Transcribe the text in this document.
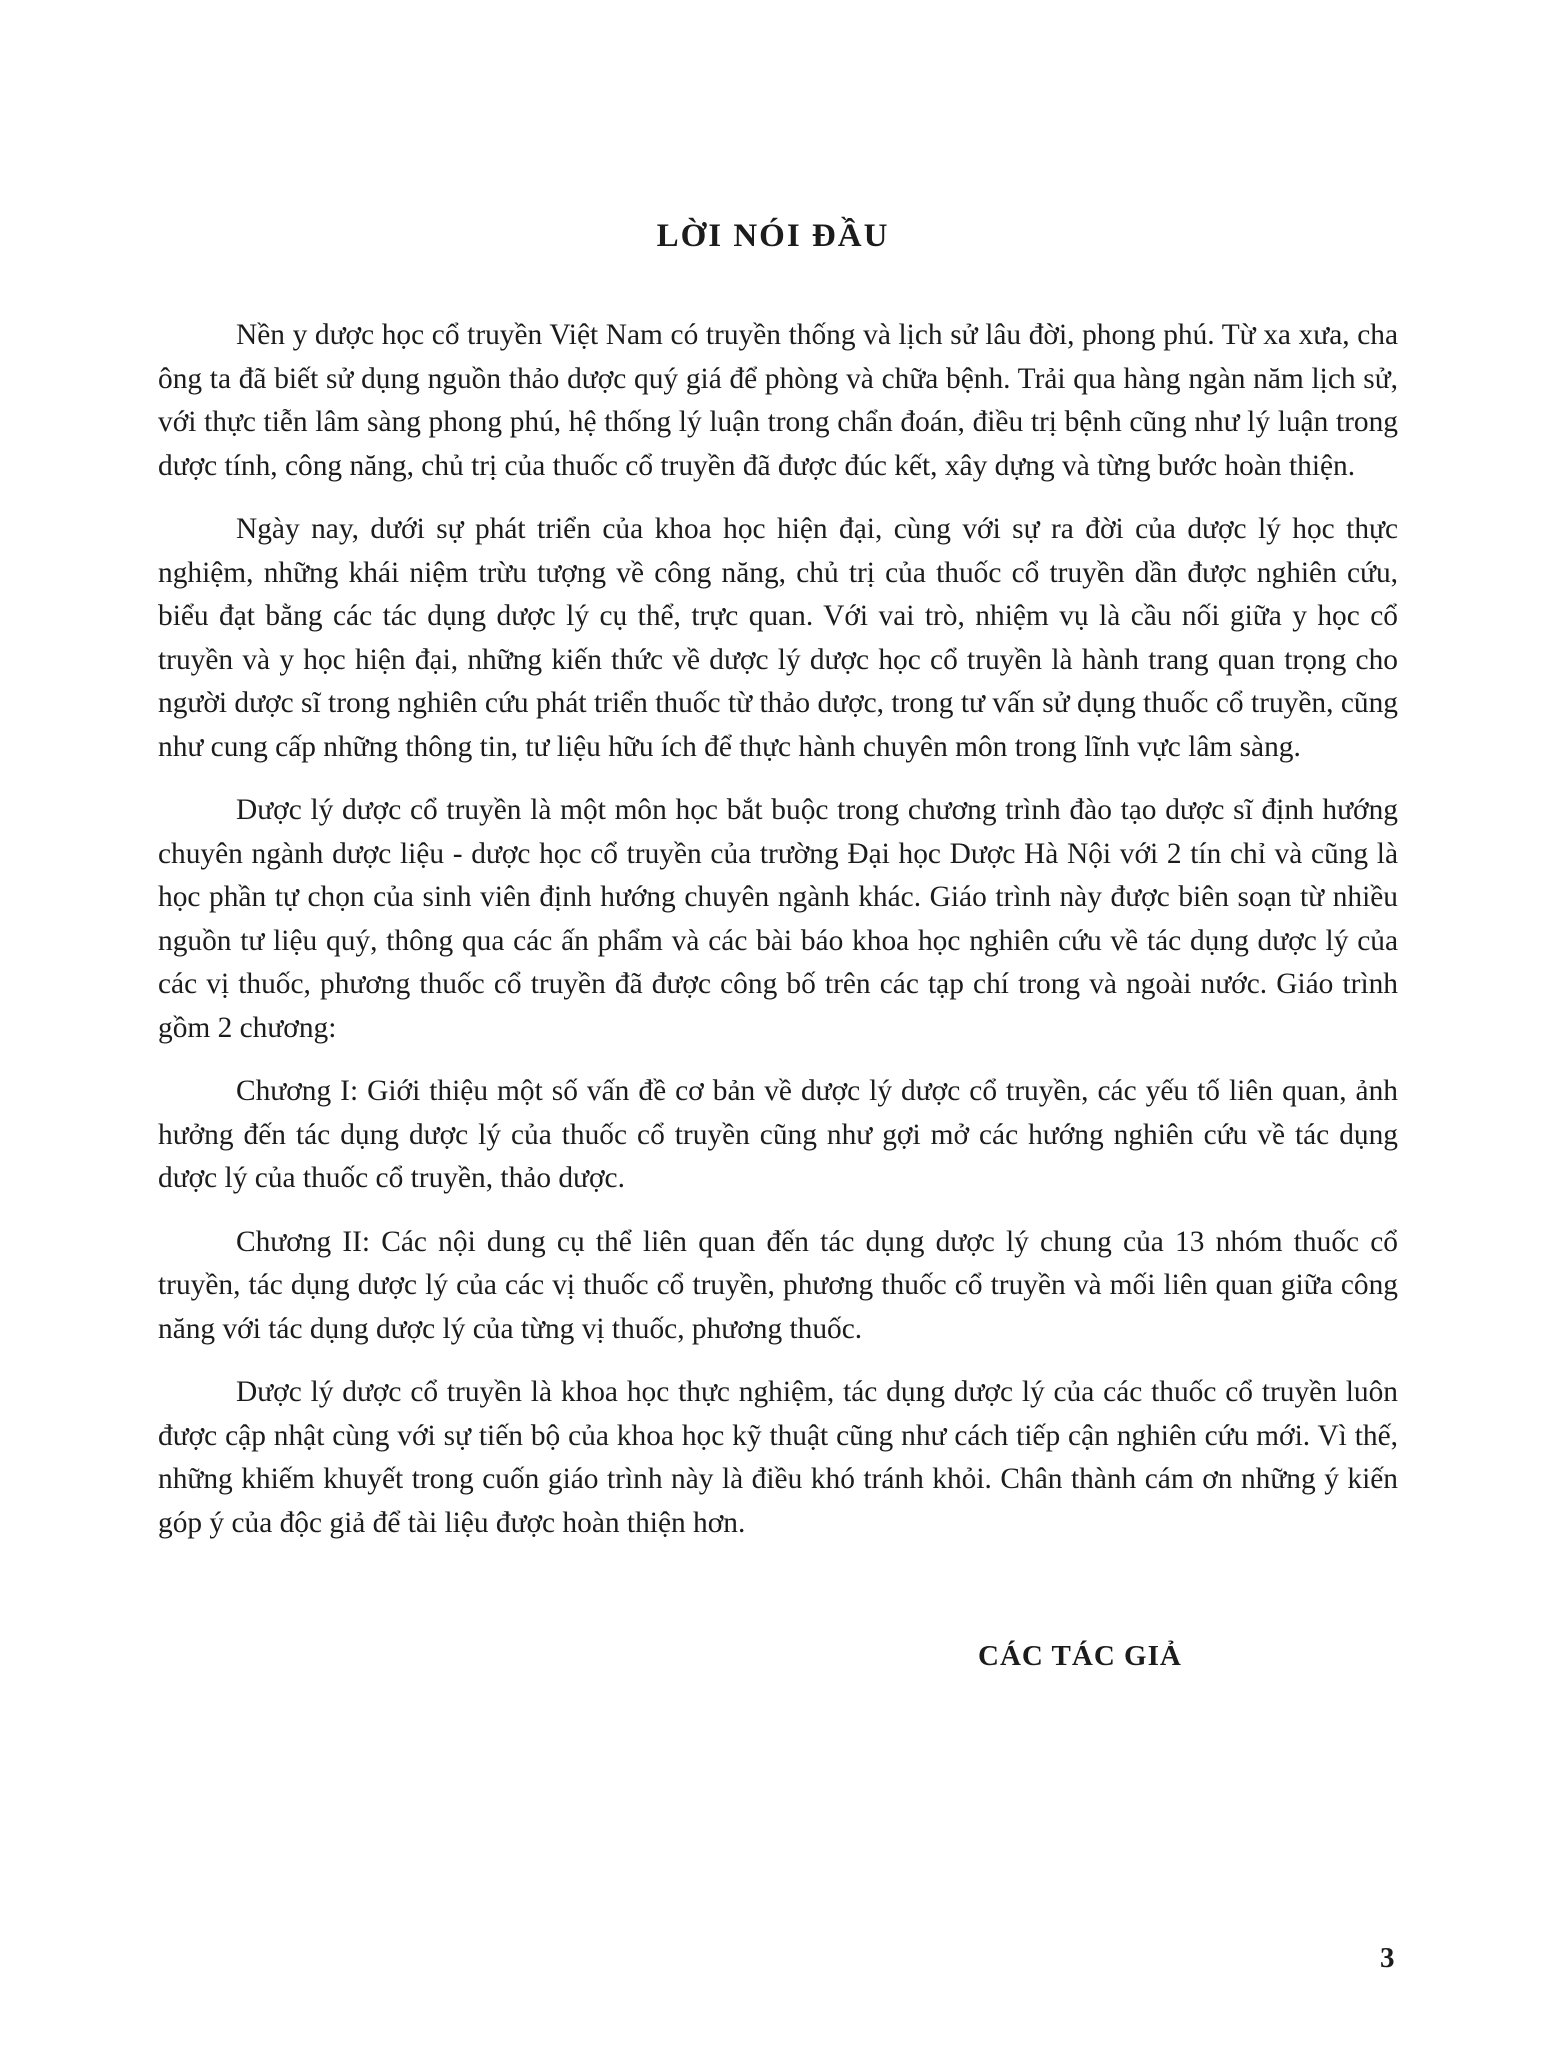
LỜI NÓI ĐẦU

Nền y dược học cổ truyền Việt Nam có truyền thống và lịch sử lâu đời, phong phú. Từ xa xưa, cha ông ta đã biết sử dụng nguồn thảo dược quý giá để phòng và chữa bệnh. Trải qua hàng ngàn năm lịch sử, với thực tiễn lâm sàng phong phú, hệ thống lý luận trong chẩn đoán, điều trị bệnh cũng như lý luận trong dược tính, công năng, chủ trị của thuốc cổ truyền đã được đúc kết, xây dựng và từng bước hoàn thiện.

Ngày nay, dưới sự phát triển của khoa học hiện đại, cùng với sự ra đời của dược lý học thực nghiệm, những khái niệm trừu tượng về công năng, chủ trị của thuốc cổ truyền dần được nghiên cứu, biểu đạt bằng các tác dụng dược lý cụ thể, trực quan. Với vai trò, nhiệm vụ là cầu nối giữa y học cổ truyền và y học hiện đại, những kiến thức về dược lý dược học cổ truyền là hành trang quan trọng cho người dược sĩ trong nghiên cứu phát triển thuốc từ thảo dược, trong tư vấn sử dụng thuốc cổ truyền, cũng như cung cấp những thông tin, tư liệu hữu ích để thực hành chuyên môn trong lĩnh vực lâm sàng.

Dược lý dược cổ truyền là một môn học bắt buộc trong chương trình đào tạo dược sĩ định hướng chuyên ngành dược liệu - dược học cổ truyền của trường Đại học Dược Hà Nội với 2 tín chỉ và cũng là học phần tự chọn của sinh viên định hướng chuyên ngành khác. Giáo trình này được biên soạn từ nhiều nguồn tư liệu quý, thông qua các ấn phẩm và các bài báo khoa học nghiên cứu về tác dụng dược lý của các vị thuốc, phương thuốc cổ truyền đã được công bố trên các tạp chí trong và ngoài nước. Giáo trình gồm 2 chương:

Chương I: Giới thiệu một số vấn đề cơ bản về dược lý dược cổ truyền, các yếu tố liên quan, ảnh hưởng đến tác dụng dược lý của thuốc cổ truyền cũng như gợi mở các hướng nghiên cứu về tác dụng dược lý của thuốc cổ truyền, thảo dược.

Chương II: Các nội dung cụ thể liên quan đến tác dụng dược lý chung của 13 nhóm thuốc cổ truyền, tác dụng dược lý của các vị thuốc cổ truyền, phương thuốc cổ truyền và mối liên quan giữa công năng với tác dụng dược lý của từng vị thuốc, phương thuốc.

Dược lý dược cổ truyền là khoa học thực nghiệm, tác dụng dược lý của các thuốc cổ truyền luôn được cập nhật cùng với sự tiến bộ của khoa học kỹ thuật cũng như cách tiếp cận nghiên cứu mới. Vì thế, những khiếm khuyết trong cuốn giáo trình này là điều khó tránh khỏi. Chân thành cám ơn những ý kiến góp ý của độc giả để tài liệu được hoàn thiện hơn.

CÁC TÁC GIẢ
3
